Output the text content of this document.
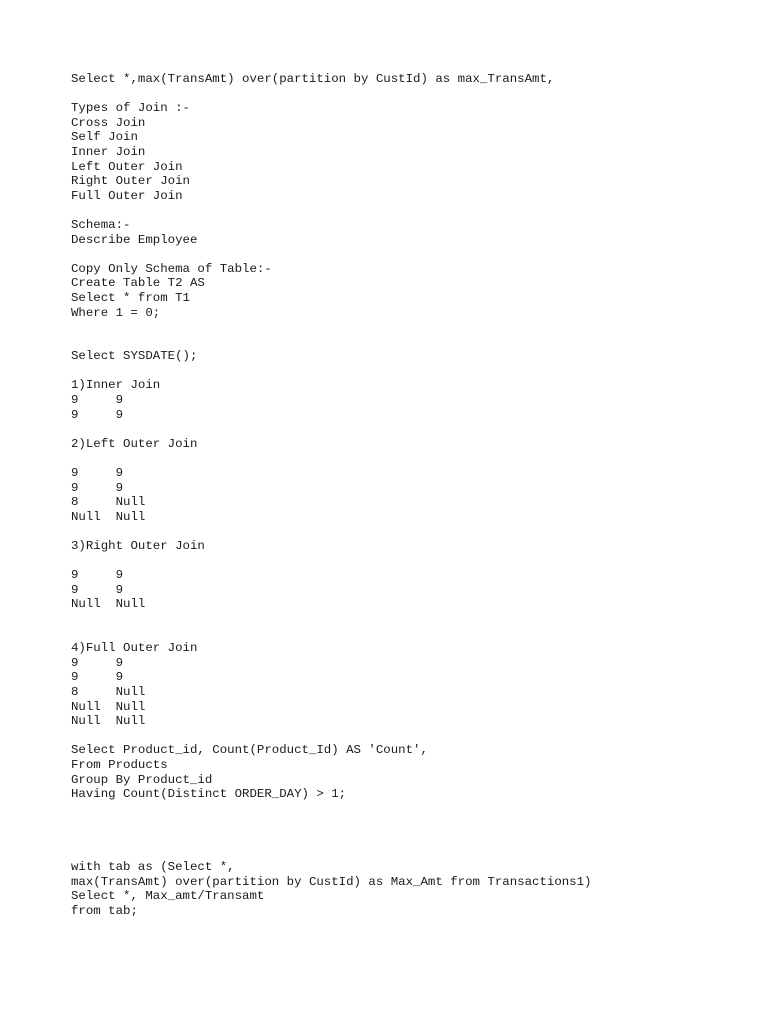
Select *,max(TransAmt) over(partition by CustId) as max_TransAmt,
Types of Join :-
Cross Join
Self Join
Inner Join
Left Outer Join
Right Outer Join
Full Outer Join
Schema:-
Describe Employee
Copy Only Schema of Table:-
Create Table T2 AS
Select * from T1
Where 1 = 0;
Select SYSDATE();
1)Inner Join
9     9
9     9
2)Left Outer Join
9     9
9     9
8     Null
Null  Null
3)Right Outer Join
9     9
9     9
Null  Null
4)Full Outer Join
9     9
9     9
8     Null
Null  Null
Null  Null
Select Product_id, Count(Product_Id) AS 'Count',
From Products
Group By Product_id
Having Count(Distinct ORDER_DAY) > 1;
with tab as (Select *,
max(TransAmt) over(partition by CustId) as Max_Amt from Transactions1)
Select *, Max_amt/Transamt
from tab;
